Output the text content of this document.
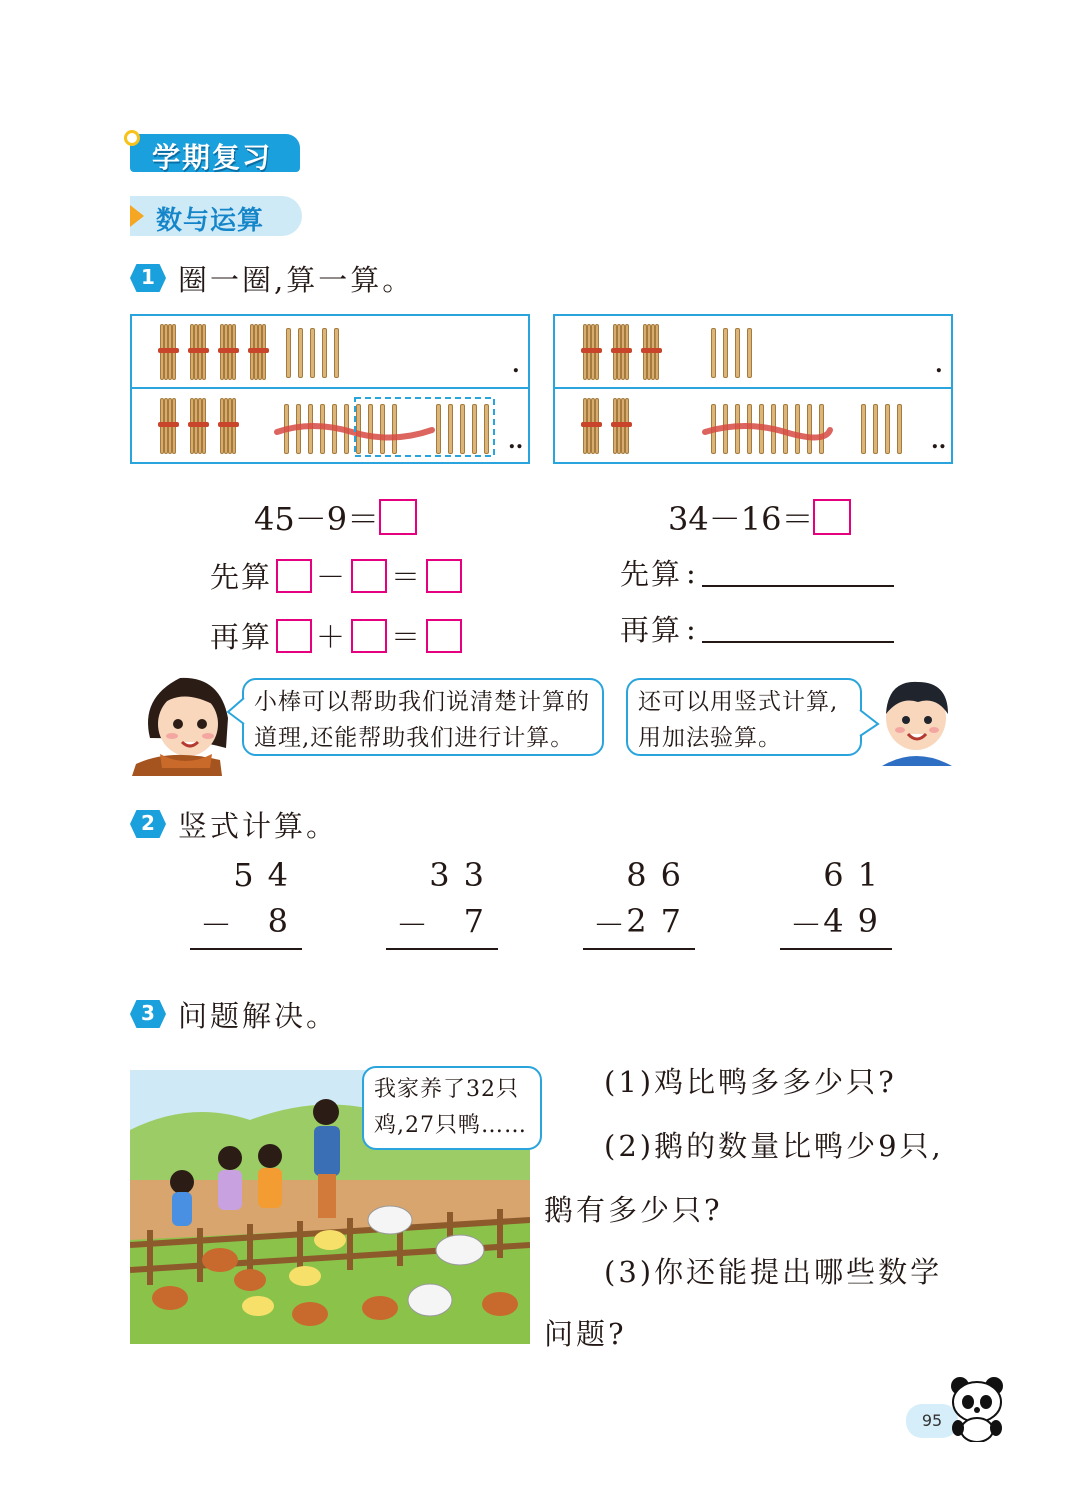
学期复习
数与运算
1 圈一圈,算一算。
.
..
.
..
45－9＝	34－16＝
先算 － ＝
再算 ＋ ＝
先算 :
再算 :
小棒可以帮助我们说清楚计算的道理,还能帮助我们进行计算。
还可以用竖式计算,用加法验算。
2 竖式计算。
54
－ 8
33
－ 7
86
－ 27
61
－ 49
3 问题解决。
我家养了32只鸡,27只鸭……
(1)鸡比鸭多多少只?
(2)鹅的数量比鸭少9只,
鹅有多少只?
(3)你还能提出哪些数学
问题?
95
